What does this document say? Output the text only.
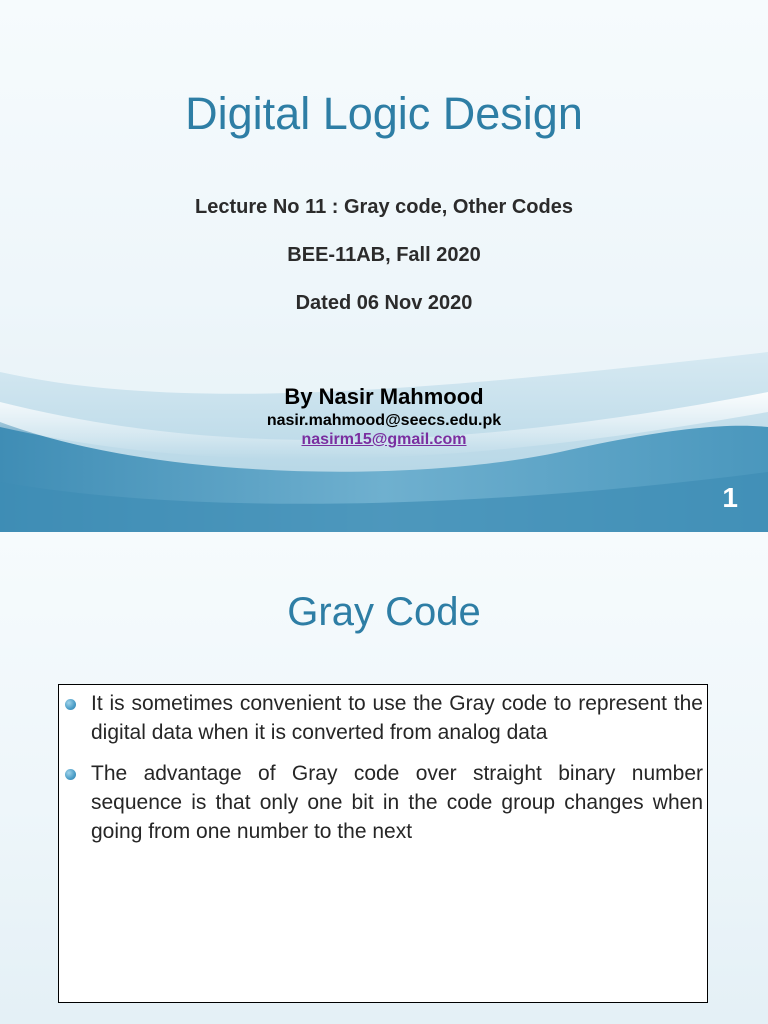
Digital Logic Design
Lecture No 11 : Gray code, Other Codes
BEE-11AB, Fall 2020
Dated 06 Nov 2020
By Nasir Mahmood
nasir.mahmood@seecs.edu.pk
nasirm15@gmail.com
1
Gray Code
It is sometimes convenient to use the Gray code to represent the digital data when it is converted from analog data
The advantage of Gray code over straight binary number sequence is that only one bit in the code group changes when going from one number to the next
